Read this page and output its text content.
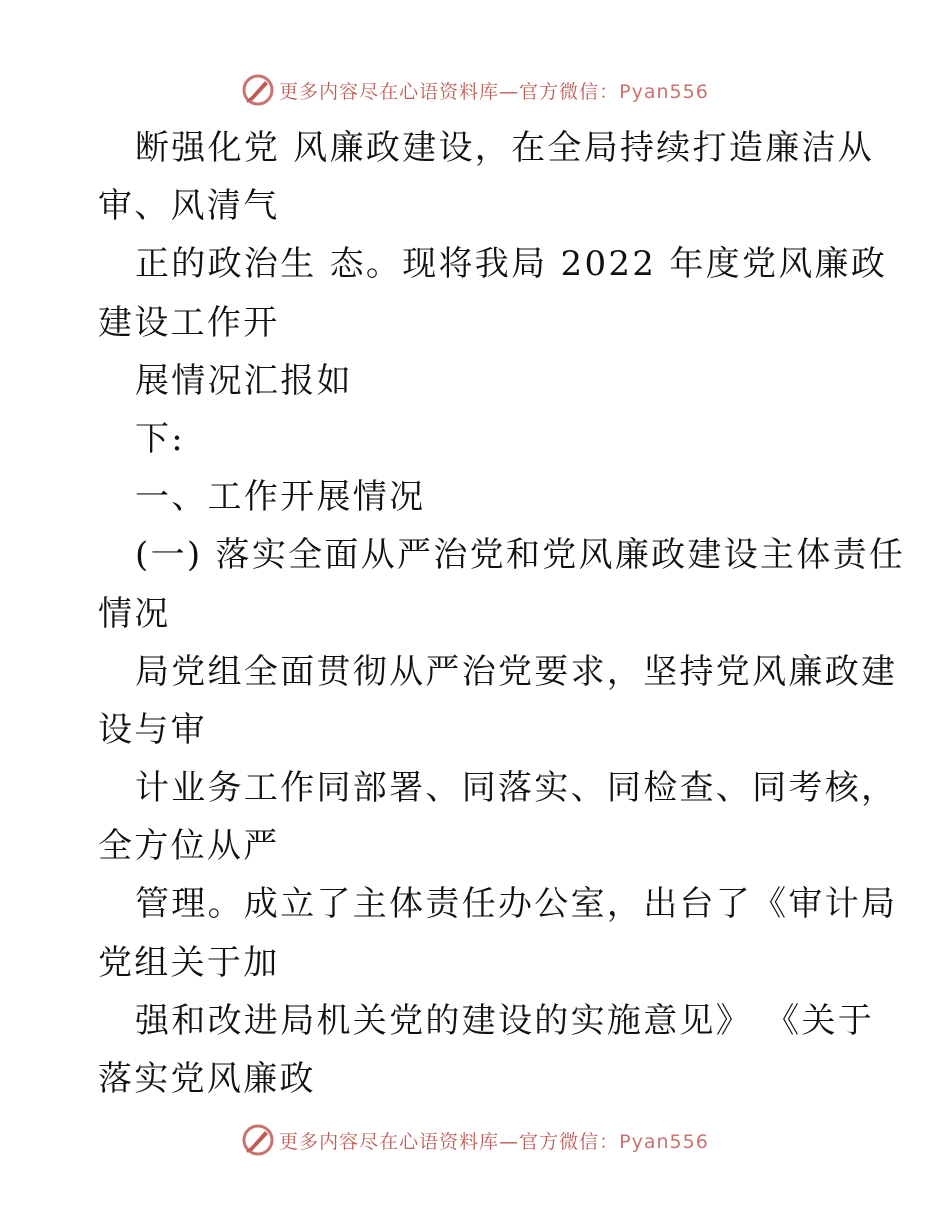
更多内容尽在心语资料库—官方微信：Pyan556
断强化党 风廉政建设，在全局持续打造廉洁从
审、风清气
正的政治生 态。现将我局 2022 年度党风廉政
建设工作开
展情况汇报如
下:
一、工作开展情况
(一) 落实全面从严治党和党风廉政建设主体责任
情况
局党组全面贯彻从严治党要求，坚持党风廉政建
设与审
计业务工作同部署、同落实、同检查、同考核，
全方位从严
管理。成立了主体责任办公室，出台了《审计局
党组关于加
强和改进局机关党的建设的实施意见》 《关于
落实党风廉政
更多内容尽在心语资料库—官方微信：Pyan556
